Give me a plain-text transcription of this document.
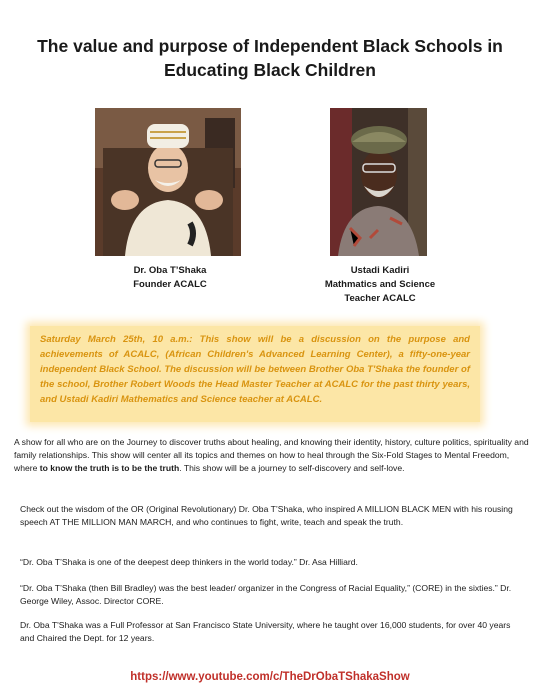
The value and purpose of Independent Black Schools in Educating Black Children
Dr. Oba T’Shaka
Founder ACALC
Ustadi Kadiri
Mathmatics and Science
Teacher ACALC
Saturday March 25th, 10 a.m.: This show will be a discussion on the purpose and achievements of ACALC, (African Children's Advanced Learning Center), a fifty-one-year independent Black School. The discussion will be between Brother Oba T'Shaka the founder of the school, Brother Robert Woods the Head Master Teacher at ACALC for the past thirty years, and Ustadi Kadiri Mathematics and Science teacher at ACALC.
A show for all who are on the Journey to discover truths about healing, and knowing their identity, history, culture politics, spirituality and family relationships. This show will center all its topics and themes on how to heal through the Six-Fold Stages to Mental Freedom, where to know the truth is to be the truth. This show will be a journey to self-discovery and self-love.
Check out the wisdom of the OR (Original Revolutionary) Dr. Oba T’Shaka, who inspired A MILLION BLACK MEN with his rousing speech AT THE MILLION MAN MARCH, and who continues to fight, write, teach and speak the truth.
“Dr. Oba T’Shaka is one of the deepest deep thinkers in the world today.” Dr. Asa Hilliard.
“Dr. Oba T’Shaka (then Bill Bradley) was the best leader/ organizer in the Congress of Racial Equality,” (CORE) in the sixties.” Dr. George Wiley, Assoc. Director CORE.
Dr. Oba T'Shaka was a Full Professor at San Francisco State University, where he taught over 16,000 students, for over 40 years and Chaired the Dept. for 12 years.
https://www.youtube.com/c/TheDrObaTShakaShow
